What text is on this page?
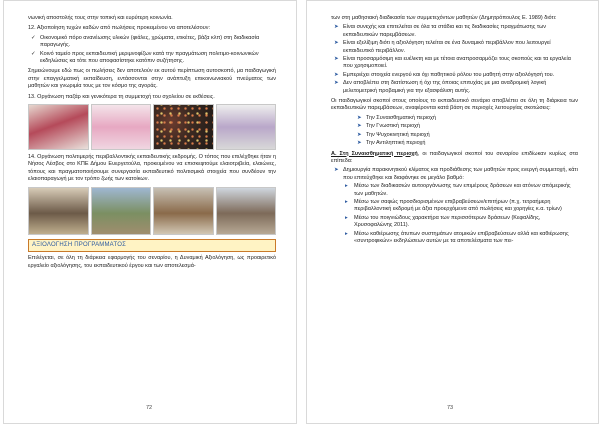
νωνική αποστολής τους στην τοπική και ευρύτερη κοινωνία.
12. Αξιοποίηση τυχών καδών από πωλήσεις προκειμένου να αποτελέσουν:
✓ Οικονομικό πόρο ανανέωσης υλικών (φιάλες, χρώματα, ετικέτες, βάζα κλπ) στη διαδικασία παραγωγής.
✓ Κοινό ταμείο προς εκπαιδευτική μεριμνοφίζων κατά την πραγμάτωση πολιτιμο-κοινωνικών εκδηλώσεις κα τότε που αποφασίστηκε κατόπιν συζήτησης.
Σημειώνουμε εδώ πως οι πωλήσεις δεν αποτελούν εκ αυτού περίπτωση αυτοσκοπό, μα παιδαγωγική στην επαγγελματική εκπαίδευση, εντάσσονται στην ανάπτυξη επικοινωνιακού πνεύματος των μαθητών και γνωριμία τους με τον κόσμο της αγοράς.
13. Οργάνωση παζάρ και γενικότερα τη συμμετοχή του σχολείου σε εκθέσεις.
14. Οργάνωση πολιτιμερής περιβαλλοντικής εκπαιδευτικής εκδρομής. Ο τόπος που επιλέχθηκε ήταν η Νήσος Λέσβος στο ΚΠΕ Δήμου Ευεργετούλα, προκειμένου να επισκεφτούμε ελαιοτριβεία, ελαιώνες, τόπους και πραγματοποιήσουμε συνεργασία εκπαιδευτικό πολιτισμικά στοιχεία που συνδέουν την ελαιοπαραγωγή με τον τρόπο ζωής των κατοίκων.
ΑΞΙΟΛΟΓΗΣΗ ΠΡΟΓΡΑΜΜΑΤΟΣ
Επιλέγεται, σε όλη τη διάρκεια εφαρμογής του σεναρίου, η Δυναμική Αξιολόγηση, ως προαιρετικό εργαλείο αξιολόγησης, του εκπαιδευτικού έργου και των αποτελεσμά-
72
των στη μαθησιακή διαδικασία των συμμετεχόντων μαθητών (Δημητρόπουλος Ε. 1989) διότι:
➤ Είναι συνεχής και επιτελείται σε όλα τα στάδια και τις διαδικασίες πραγμάτωσης των εκπαιδευτικών παρεμβάσεων.
➤ Είναι εξελίξιμη διότι η αξιολόγηση τελείται σε ένα δυναμικό περιβάλλον που λειτουργεί εκπαιδευτικό περιβάλλον.
➤ Είναι προσαρμόσιμη και ευέλικτη και με τέτοια αναπροσαρμόζει τους σκοπούς και τα εργαλεία που χρησιμοποιεί.
➤ Εμπεριέχει στοιχεία ενεργού και όχι παθητικού ρόλου του μαθητή στην αξιολόγησή του.
➤ Δεν αποβλέπει στη διατίστωση ή όχι της όποιας επιτυχίας με μια αναδρομική λογική μελετομετρική προβαμική για την εξασφάλιση αυτής.
Οι παιδαγωγικοί σκοποί στους οποίους το εκπαιδευτικό σενάριο αποβλέπει σε όλη τη διάρκεια των εκπαιδευτικών παρεμβάσεων, αναφέρονται κατά βάση σε περιοχές λειτουργίας σκοτώσεις:
➤ Την Συναισθηματική περιοχή
➤ Την Γνωστική περιοχή
➤ Την Ψυχοκινητική περιοχή
➤ Την Αντιληπτική περιοχή
Α. Στη Συναισθηματική περιοχή, οι παιδαγωγικοί σκοποί του σεναρίου επιδίωκαν κυρίως στα επίπεδα:
➤ Δημιουργία παρακινητικού κλίματος και προδιάθεσης των μαθητών προς ενεργή συμμετοχή, κάτι που επιτεύχθηκε και διαφάνηκε σε μεγάλο βαθμό:
▸	Μέσω των διαδικασιών αυτοοργάνωσης των επιμέρους δράσεων και ατόνων απόμερικής των μαθητών.
▸	Μέσω των σαφώς προσδιορισμένων επιβραβεύσεων/επιτήρων (π.χ. τετραήμερη περιβαλλοντική εκδρομή με άξια προερχόμενα από πωλήσεις και χορηγίες κ.α. τρίων)
▸	Μέσω του ποιγνιώδους χαρακτήρα των περισσότερων δράσεων (Κεφαλίδης, Χρυσοφαλώνης 2011).
▸	Μέσω καθιέρωσης άτυπων συστημάτων ατομικών επιβραβεύσεων αλλά και καθιέρωσης «συντροφικών» εκδηλώσεων αυτών με τα αποτελέσματα των πει-
73
